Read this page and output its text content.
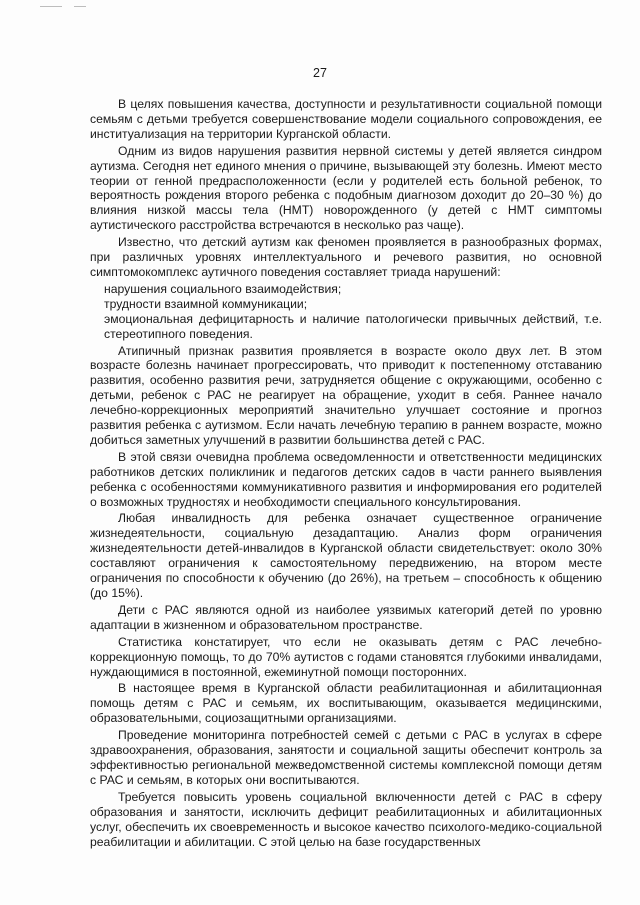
27

В целях повышения качества, доступности и результативности социальной помощи семьям с детьми требуется совершенствование модели социального сопровождения, ее институализация на территории Курганской области.

Одним из видов нарушения развития нервной системы у детей является синдром аутизма. Сегодня нет единого мнения о причине, вызывающей эту болезнь. Имеют место теории от генной предрасположенности (если у родителей есть больной ребенок, то вероятность рождения второго ребенка с подобным диагнозом доходит до 20–30 %) до влияния низкой массы тела (НМТ) новорожденного (у детей с НМТ симптомы аутистического расстройства встречаются в несколько раз чаще).

Известно, что детский аутизм как феномен проявляется в разнообразных формах, при различных уровнях интеллектуального и речевого развития, но основной симптомокомплекс аутичного поведения составляет триада нарушений:

нарушения социального взаимодействия;

трудности взаимной коммуникации;

эмоциональная дефицитарность и наличие патологически привычных действий, т.е. стереотипного поведения.

Атипичный признак развития проявляется в возрасте около двух лет. В этом возрасте болезнь начинает прогрессировать, что приводит к постепенному отставанию развития, особенно развития речи, затрудняется общение с окружающими, особенно с детьми, ребенок с РАС не реагирует на обращение, уходит в себя. Раннее начало лечебно-коррекционных мероприятий значительно улучшает состояние и прогноз развития ребенка с аутизмом. Если начать лечебную терапию в раннем возрасте, можно добиться заметных улучшений в развитии большинства детей с РАС.

В этой связи очевидна проблема осведомленности и ответственности медицинских работников детских поликлиник и педагогов детских садов в части раннего выявления ребенка с особенностями коммуникативного развития и информирования его родителей о возможных трудностях и необходимости специального консультирования.

Любая инвалидность для ребенка означает существенное ограничение жизнедеятельности, социальную дезадаптацию. Анализ форм ограничения жизнедеятельности детей-инвалидов в Курганской области свидетельствует: около 30% составляют ограничения к самостоятельному передвижению, на втором месте ограничения по способности к обучению (до 26%), на третьем – способность к общению (до 15%).

Дети с РАС являются одной из наиболее уязвимых категорий детей по уровню адаптации в жизненном и образовательном пространстве.

Статистика констатирует, что если не оказывать детям с РАС лечебно-коррекционную помощь, то до 70% аутистов с годами становятся глубокими инвалидами, нуждающимися в постоянной, ежеминутной помощи посторонних.

В настоящее время в Курганской области реабилитационная и абилитационная помощь детям с РАС и семьям, их воспитывающим, оказывается медицинскими, образовательными, социозащитными организациями.

Проведение мониторинга потребностей семей с детьми с РАС в услугах в сфере здравоохранения, образования, занятости и социальной защиты обеспечит контроль за эффективностью региональной межведомственной системы комплексной помощи детям с РАС и семьям, в которых они воспитываются.

Требуется повысить уровень социальной включенности детей с РАС в сферу образования и занятости, исключить дефицит реабилитационных и абилитационных услуг, обеспечить их своевременность и высокое качество психолого-медико-социальной реабилитации и абилитации. С этой целью на базе государственных
